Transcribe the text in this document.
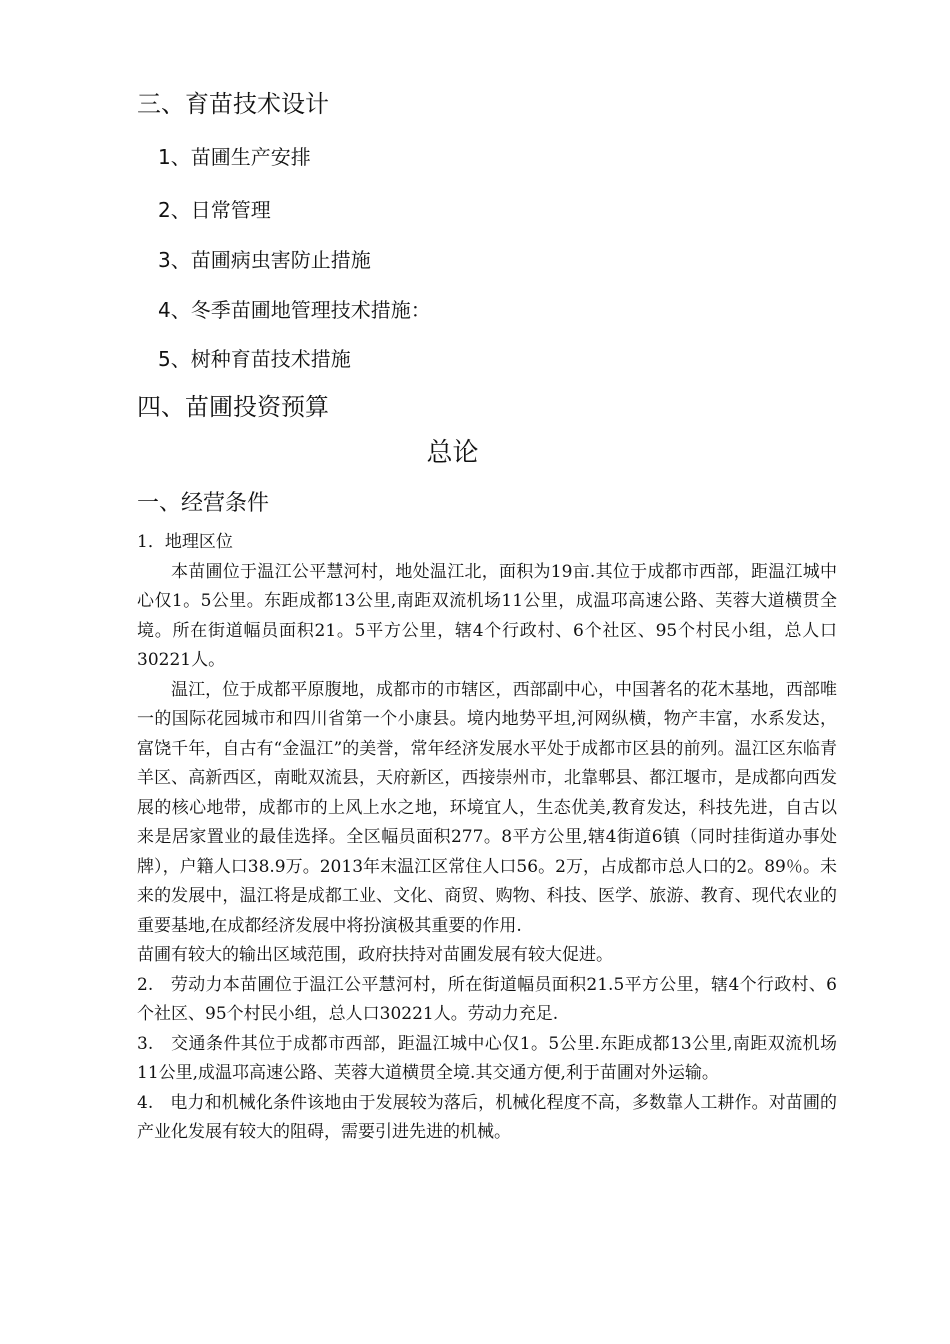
三、育苗技术设计
1、苗圃生产安排
2、日常管理
3、苗圃病虫害防止措施
4、冬季苗圃地管理技术措施：
5、树种育苗技术措施
四、苗圃投资预算
总论
一、经营条件

1．地理区位

本苗圃位于温江公平慧河村，地处温江北，面积为19亩.其位于成都市西部，距温江城中心仅1。5公里。东距成都13公里,南距双流机场11公里，成温邛高速公路、芙蓉大道横贯全境。所在街道幅员面积21。5平方公里，辖4个行政村、6个社区、95个村民小组，总人口30221人。

温江，位于成都平原腹地，成都市的市辖区，西部副中心，中国著名的花木基地，西部唯一的国际花园城市和四川省第一个小康县。境内地势平坦,河网纵横，物产丰富，水系发达，富饶千年，自古有“金温江”的美誉，常年经济发展水平处于成都市区县的前列。温江区东临青羊区、高新西区，南毗双流县，天府新区，西接崇州市，北靠郫县、都江堰市，是成都向西发展的核心地带，成都市的上风上水之地，环境宜人，生态优美,教育发达，科技先进，自古以来是居家置业的最佳选择。全区幅员面积277。8平方公里,辖4街道6镇（同时挂街道办事处牌），户籍人口38.9万。2013年末温江区常住人口56。2万，占成都市总人口的2。89％。未来的发展中，温江将是成都工业、文化、商贸、购物、科技、医学、旅游、教育、现代农业的重要基地,在成都经济发展中将扮演极其重要的作用.

苗圃有较大的输出区域范围，政府扶持对苗圃发展有较大促进。

2.　劳动力本苗圃位于温江公平慧河村，所在街道幅员面积21.5平方公里，辖4个行政村、6个社区、95个村民小组，总人口30221人。劳动力充足.

3.　交通条件其位于成都市西部，距温江城中心仅1。5公里.东距成都13公里,南距双流机场11公里,成温邛高速公路、芙蓉大道横贯全境.其交通方便,利于苗圃对外运输。

4.　电力和机械化条件该地由于发展较为落后，机械化程度不高，多数靠人工耕作。对苗圃的产业化发展有较大的阻碍，需要引进先进的机械。
